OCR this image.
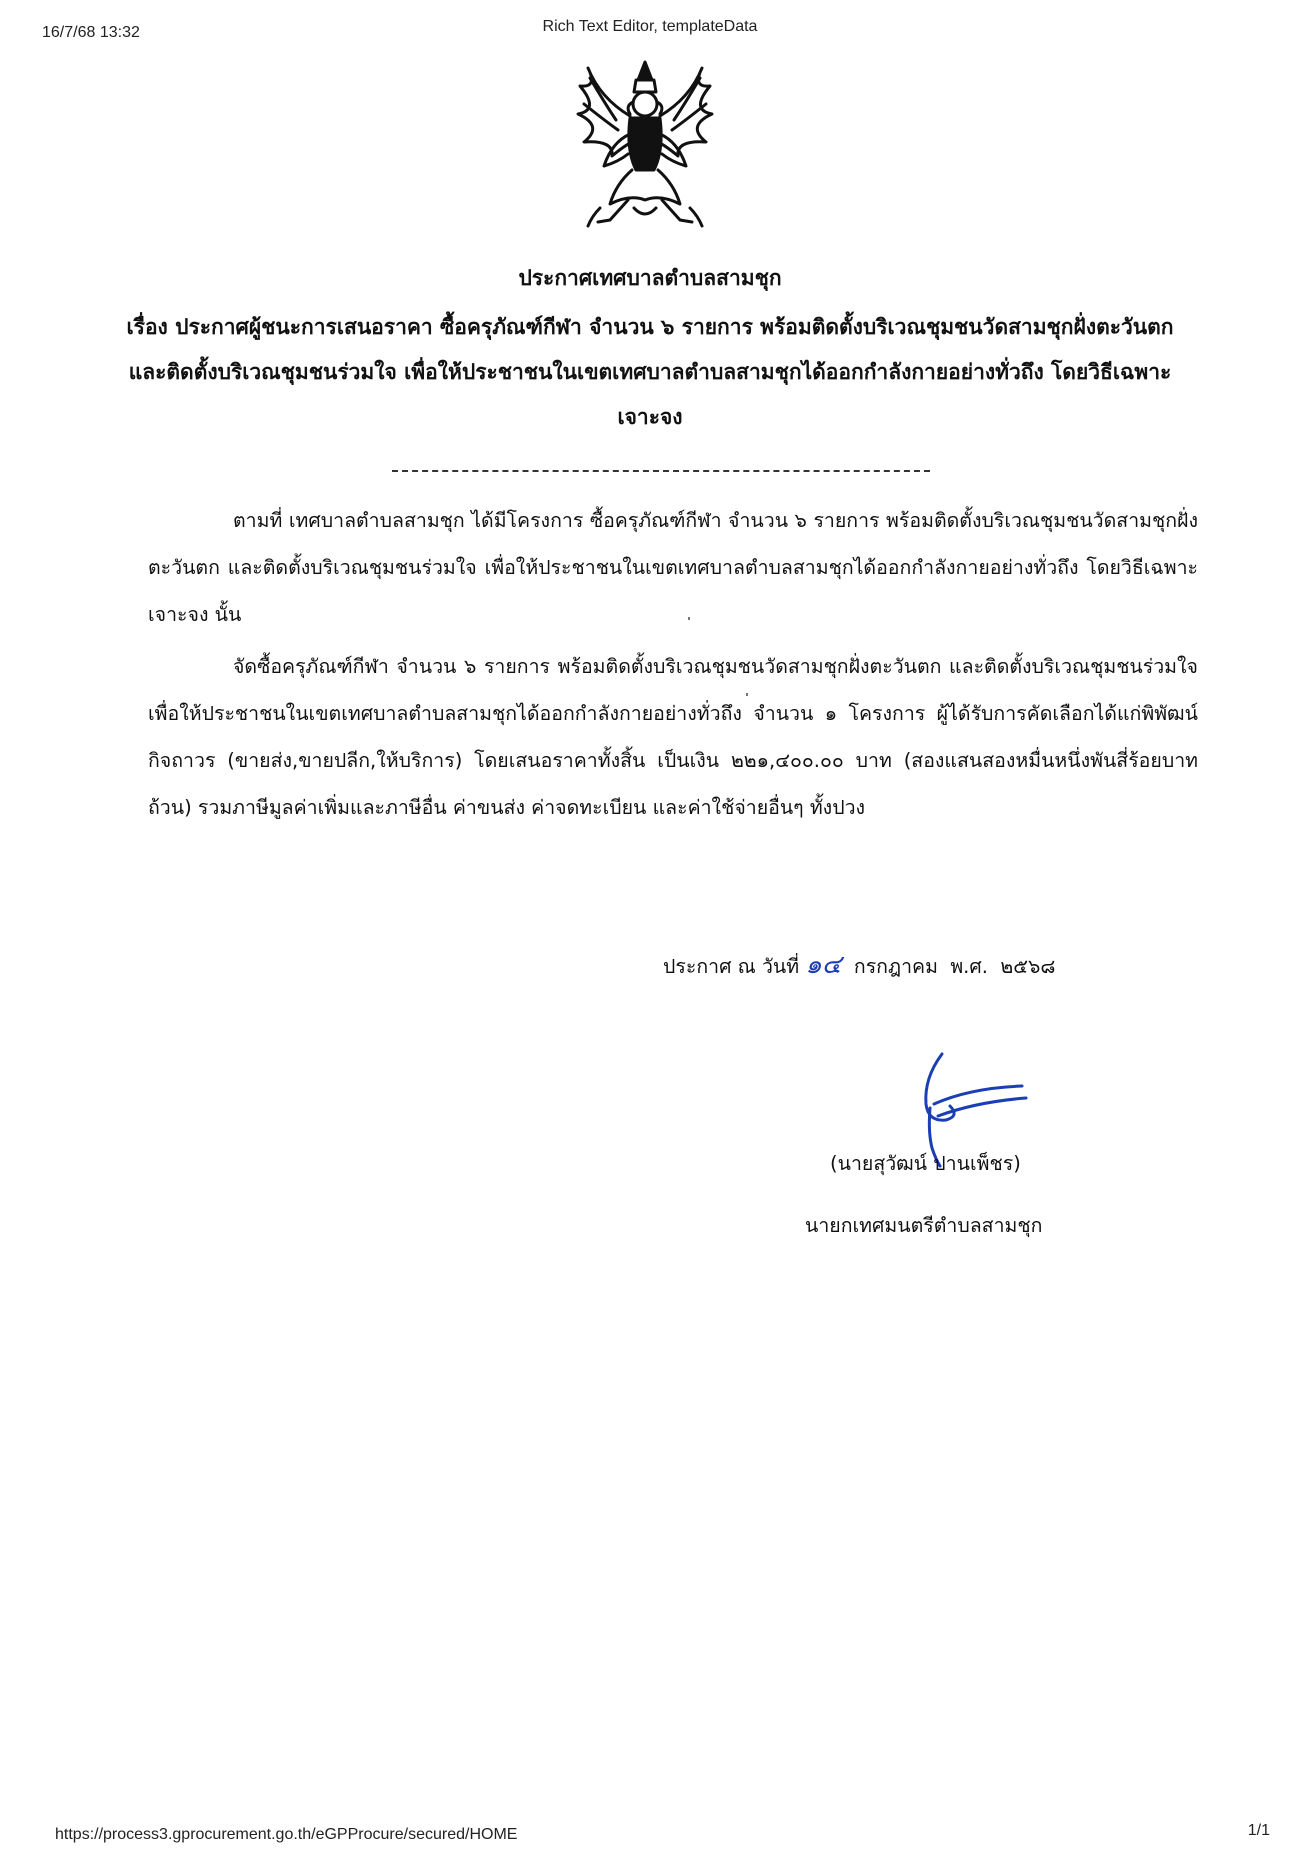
16/7/68 13:32	Rich Text Editor, templateData
ประกาศเทศบาลตำบลสามชุก
เรื่อง ประกาศผู้ชนะการเสนอราคา ซื้อครุภัณฑ์กีฬา จำนวน ๖ รายการ พร้อมติดตั้งบริเวณชุมชนวัดสามชุกฝั่งตะวันตก และติดตั้งบริเวณชุมชนร่วมใจ เพื่อให้ประชาชนในเขตเทศบาลตำบลสามชุกได้ออกกำลังกายอย่างทั่วถึง โดยวิธีเฉพาะเจาะจง
ตามที่ เทศบาลตำบลสามชุก ได้มีโครงการ ซื้อครุภัณฑ์กีฬา จำนวน ๖ รายการ พร้อมติดตั้งบริเวณชุมชนวัดสามชุกฝั่งตะวันตก และติดตั้งบริเวณชุมชนร่วมใจ เพื่อให้ประชาชนในเขตเทศบาลตำบลสามชุกได้ออกกำลังกายอย่างทั่วถึง โดยวิธีเฉพาะเจาะจง นั้น
จัดซื้อครุภัณฑ์กีฬา จำนวน ๖ รายการ พร้อมติดตั้งบริเวณชุมชนวัดสามชุกฝั่งตะวันตก และติดตั้งบริเวณชุมชนร่วมใจ เพื่อให้ประชาชนในเขตเทศบาลตำบลสามชุกได้ออกกำลังกายอย่างทั่วถึง จำนวน ๑ โครงการ ผู้ได้รับการคัดเลือกได้แก่พิพัฒน์กิจถาวร (ขายส่ง,ขายปลีก,ให้บริการ) โดยเสนอราคาทั้งสิ้น เป็นเงิน ๒๒๑,๔๐๐.๐๐ บาท (สองแสนสองหมื่นหนึ่งพันสี่ร้อยบาทถ้วน) รวมภาษีมูลค่าเพิ่มและภาษีอื่น ค่าขนส่ง ค่าจดทะเบียน และค่าใช้จ่ายอื่นๆ ทั้งปวง
ประกาศ ณ วันที่ ๑๔ กรกฎาคม พ.ศ. ๒๕๖๘
(นายสุวัฒน์ ปานเพ็ชร)
นายกเทศมนตรีตำบลสามชุก
https://process3.gprocurement.go.th/eGPProcure/secured/HOME	1/1
